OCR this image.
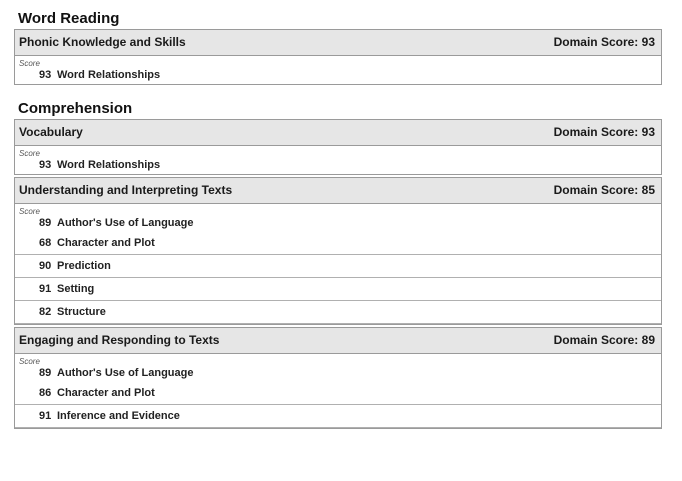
Word Reading
Phonic Knowledge and Skills	Domain Score: 93
Score
93 Word Relationships
Comprehension
Vocabulary	Domain Score: 93
Score
93 Word Relationships
Understanding and Interpreting Texts	Domain Score: 85
Score
89 Author's Use of Language
68 Character and Plot
90 Prediction
91 Setting
82 Structure
Engaging and Responding to Texts	Domain Score: 89
Score
89 Author's Use of Language
86 Character and Plot
91 Inference and Evidence
